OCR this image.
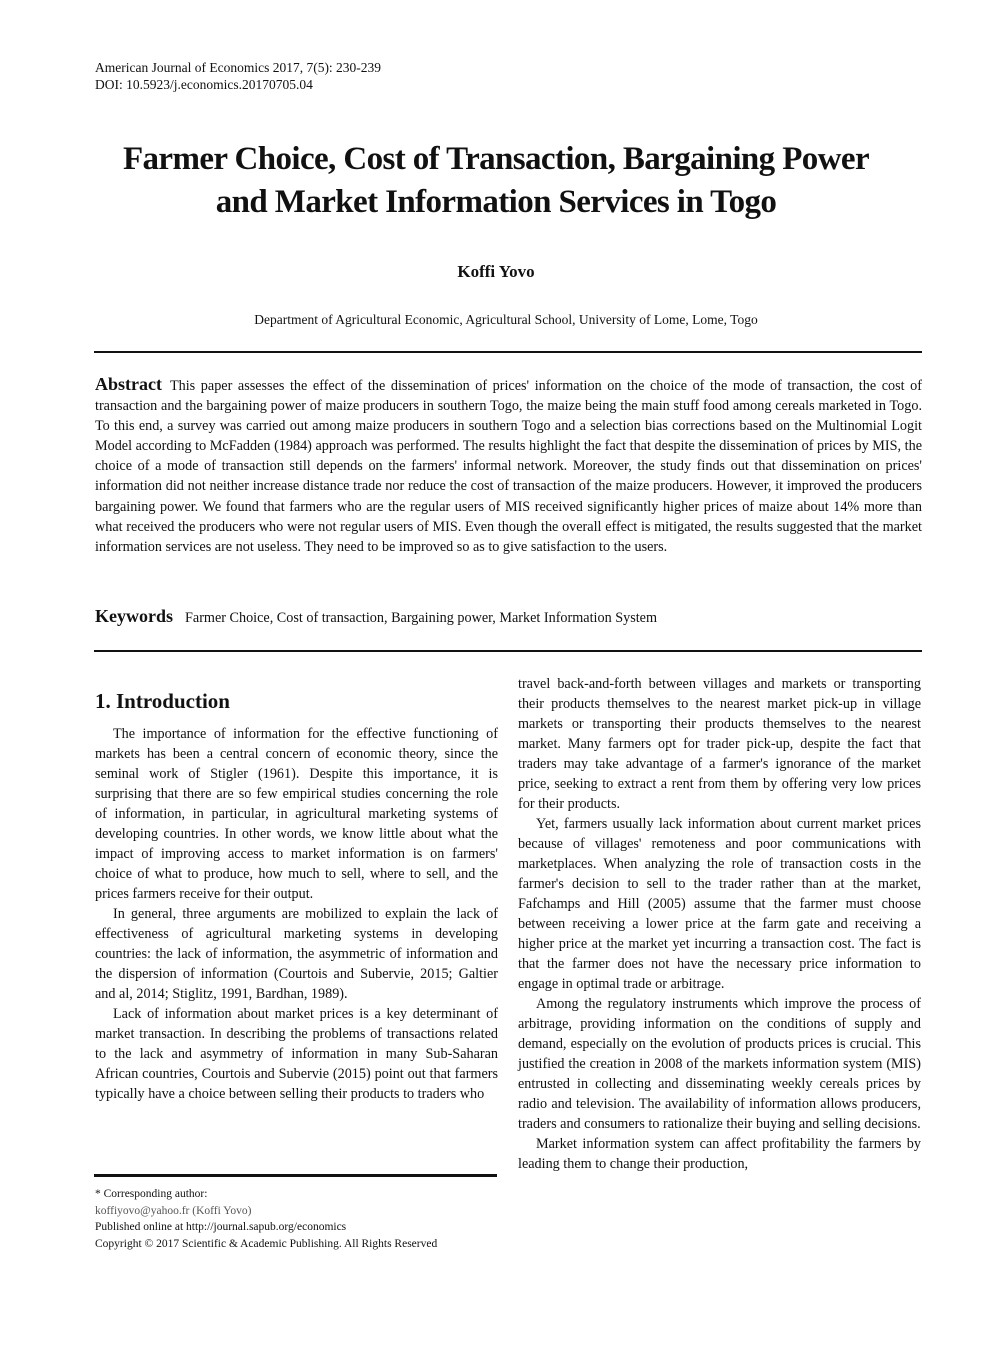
American Journal of Economics 2017, 7(5): 230-239
DOI: 10.5923/j.economics.20170705.04
Farmer Choice, Cost of Transaction, Bargaining Power
and Market Information Services in Togo
Koffi Yovo
Department of Agricultural Economic, Agricultural School, University of Lome, Lome, Togo
Abstract This paper assesses the effect of the dissemination of prices' information on the choice of the mode of transaction, the cost of transaction and the bargaining power of maize producers in southern Togo, the maize being the main stuff food among cereals marketed in Togo. To this end, a survey was carried out among maize producers in southern Togo and a selection bias corrections based on the Multinomial Logit Model according to McFadden (1984) approach was performed. The results highlight the fact that despite the dissemination of prices by MIS, the choice of a mode of transaction still depends on the farmers' informal network. Moreover, the study finds out that dissemination on prices' information did not neither increase distance trade nor reduce the cost of transaction of the maize producers. However, it improved the producers bargaining power. We found that farmers who are the regular users of MIS received significantly higher prices of maize about 14% more than what received the producers who were not regular users of MIS. Even though the overall effect is mitigated, the results suggested that the market information services are not useless. They need to be improved so as to give satisfaction to the users.
Keywords Farmer Choice, Cost of transaction, Bargaining power, Market Information System
1. Introduction

The importance of information for the effective functioning of markets has been a central concern of economic theory, since the seminal work of Stigler (1961). Despite this importance, it is surprising that there are so few empirical studies concerning the role of information, in particular, in agricultural marketing systems of developing countries. In other words, we know little about what the impact of improving access to market information is on farmers' choice of what to produce, how much to sell, where to sell, and the prices farmers receive for their output.

In general, three arguments are mobilized to explain the lack of effectiveness of agricultural marketing systems in developing countries: the lack of information, the asymmetric of information and the dispersion of information (Courtois and Subervie, 2015; Galtier and al, 2014; Stiglitz, 1991, Bardhan, 1989).

Lack of information about market prices is a key determinant of market transaction. In describing the problems of transactions related to the lack and asymmetry of information in many Sub-Saharan African countries, Courtois and Subervie (2015) point out that farmers typically have a choice between selling their products to traders who

travel back-and-forth between villages and markets or transporting their products themselves to the nearest market pick-up in village markets or transporting their products themselves to the nearest market. Many farmers opt for trader pick-up, despite the fact that traders may take advantage of a farmer's ignorance of the market price, seeking to extract a rent from them by offering very low prices for their products.

Yet, farmers usually lack information about current market prices because of villages' remoteness and poor communications with marketplaces. When analyzing the role of transaction costs in the farmer's decision to sell to the trader rather than at the market, Fafchamps and Hill (2005) assume that the farmer must choose between receiving a lower price at the farm gate and receiving a higher price at the market yet incurring a transaction cost. The fact is that the farmer does not have the necessary price information to engage in optimal trade or arbitrage.

Among the regulatory instruments which improve the process of arbitrage, providing information on the conditions of supply and demand, especially on the evolution of products prices is crucial. This justified the creation in 2008 of the markets information system (MIS) entrusted in collecting and disseminating weekly cereals prices by radio and television. The availability of information allows producers, traders and consumers to rationalize their buying and selling decisions.

Market information system can affect profitability the farmers by leading them to change their production,

* Corresponding author:
koffiyovo@yahoo.fr (Koffi Yovo)
Published online at http://journal.sapub.org/economics
Copyright © 2017 Scientific & Academic Publishing. All Rights Reserved
